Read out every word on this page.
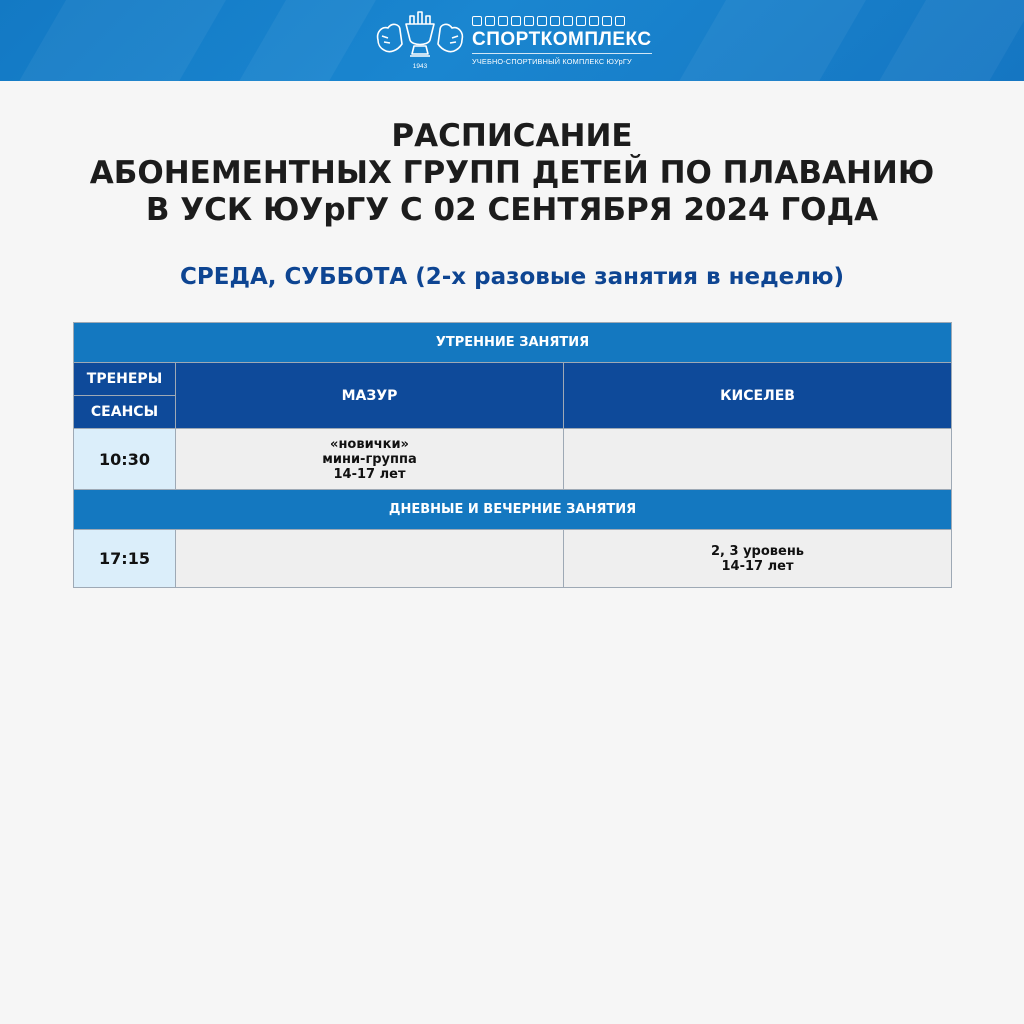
1943
СПОРТКОМПЛЕКС
УЧЕБНО-СПОРТИВНЫЙ КОМПЛЕКС ЮУрГУ
РАСПИСАНИЕ
АБОНЕМЕНТНЫХ ГРУПП ДЕТЕЙ ПО ПЛАВАНИЮ
В УСК ЮУрГУ С 02 СЕНТЯБРЯ 2024 ГОДА
СРЕДА, СУББОТА (2-х разовые занятия в неделю)
УТРЕННИЕ ЗАНЯТИЯ		
ТРЕНЕРЫ	МАЗУР	КИСЕЛЕВ
СЕАНСЫ		
10:30	«новички»
мини-группа
14-17 лет	

ДНЕВНЫЕ И ВЕЧЕРНИЕ ЗАНЯТИЯ		
17:15		2, 3 уровень
14-17 лет
